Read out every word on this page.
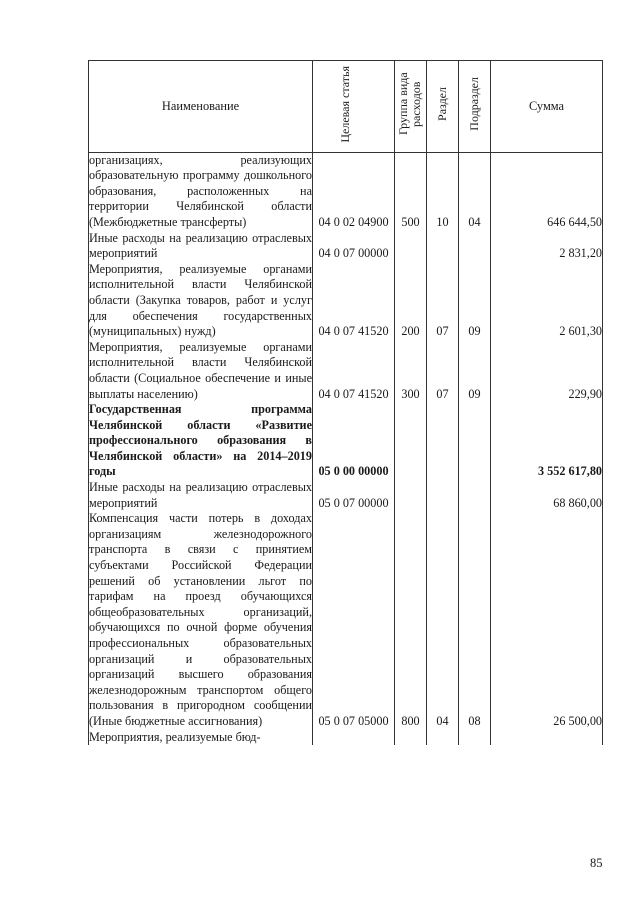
Наименование	Целевая статья	Группа вида расходов	Раздел	Подраздел	Сумма
организациях, реализующих образовательную программу дошкольного образования, расположенных на территории Челябинской области (Межбюджетные трансферты)	04 0 02 04900	500	10	04	646 644,50
Иные расходы на реализацию отраслевых мероприятий	04 0 07 00000				2 831,20
Мероприятия, реализуемые органами исполнительной власти Челябинской области (Закупка товаров, работ и услуг для обеспечения государственных (муниципальных) нужд)	04 0 07 41520	200	07	09	2 601,30
Мероприятия, реализуемые органами исполнительной власти Челябинской области (Социальное обеспечение и иные выплаты населению)	04 0 07 41520	300	07	09	229,90
Государственная программа Челябинской области «Развитие профессионального образования в Челябинской области» на 2014–2019 годы	05 0 00 00000				3 552 617,80
Иные расходы на реализацию отраслевых мероприятий	05 0 07 00000				68 860,00
Компенсация части потерь в доходах организациям железнодорожного транспорта в связи с принятием субъектами Российской Федерации решений об установлении льгот по тарифам на проезд обучающихся общеобразовательных организаций, обучающихся по очной форме обучения профессиональных образовательных организаций и образовательных организаций высшего образования железнодорожным транспортом общего пользования в пригородном сообщении (Иные бюджетные ассигнования)	05 0 07 05000	800	04	08	26 500,00
Мероприятия, реализуемые бюд-					
85
